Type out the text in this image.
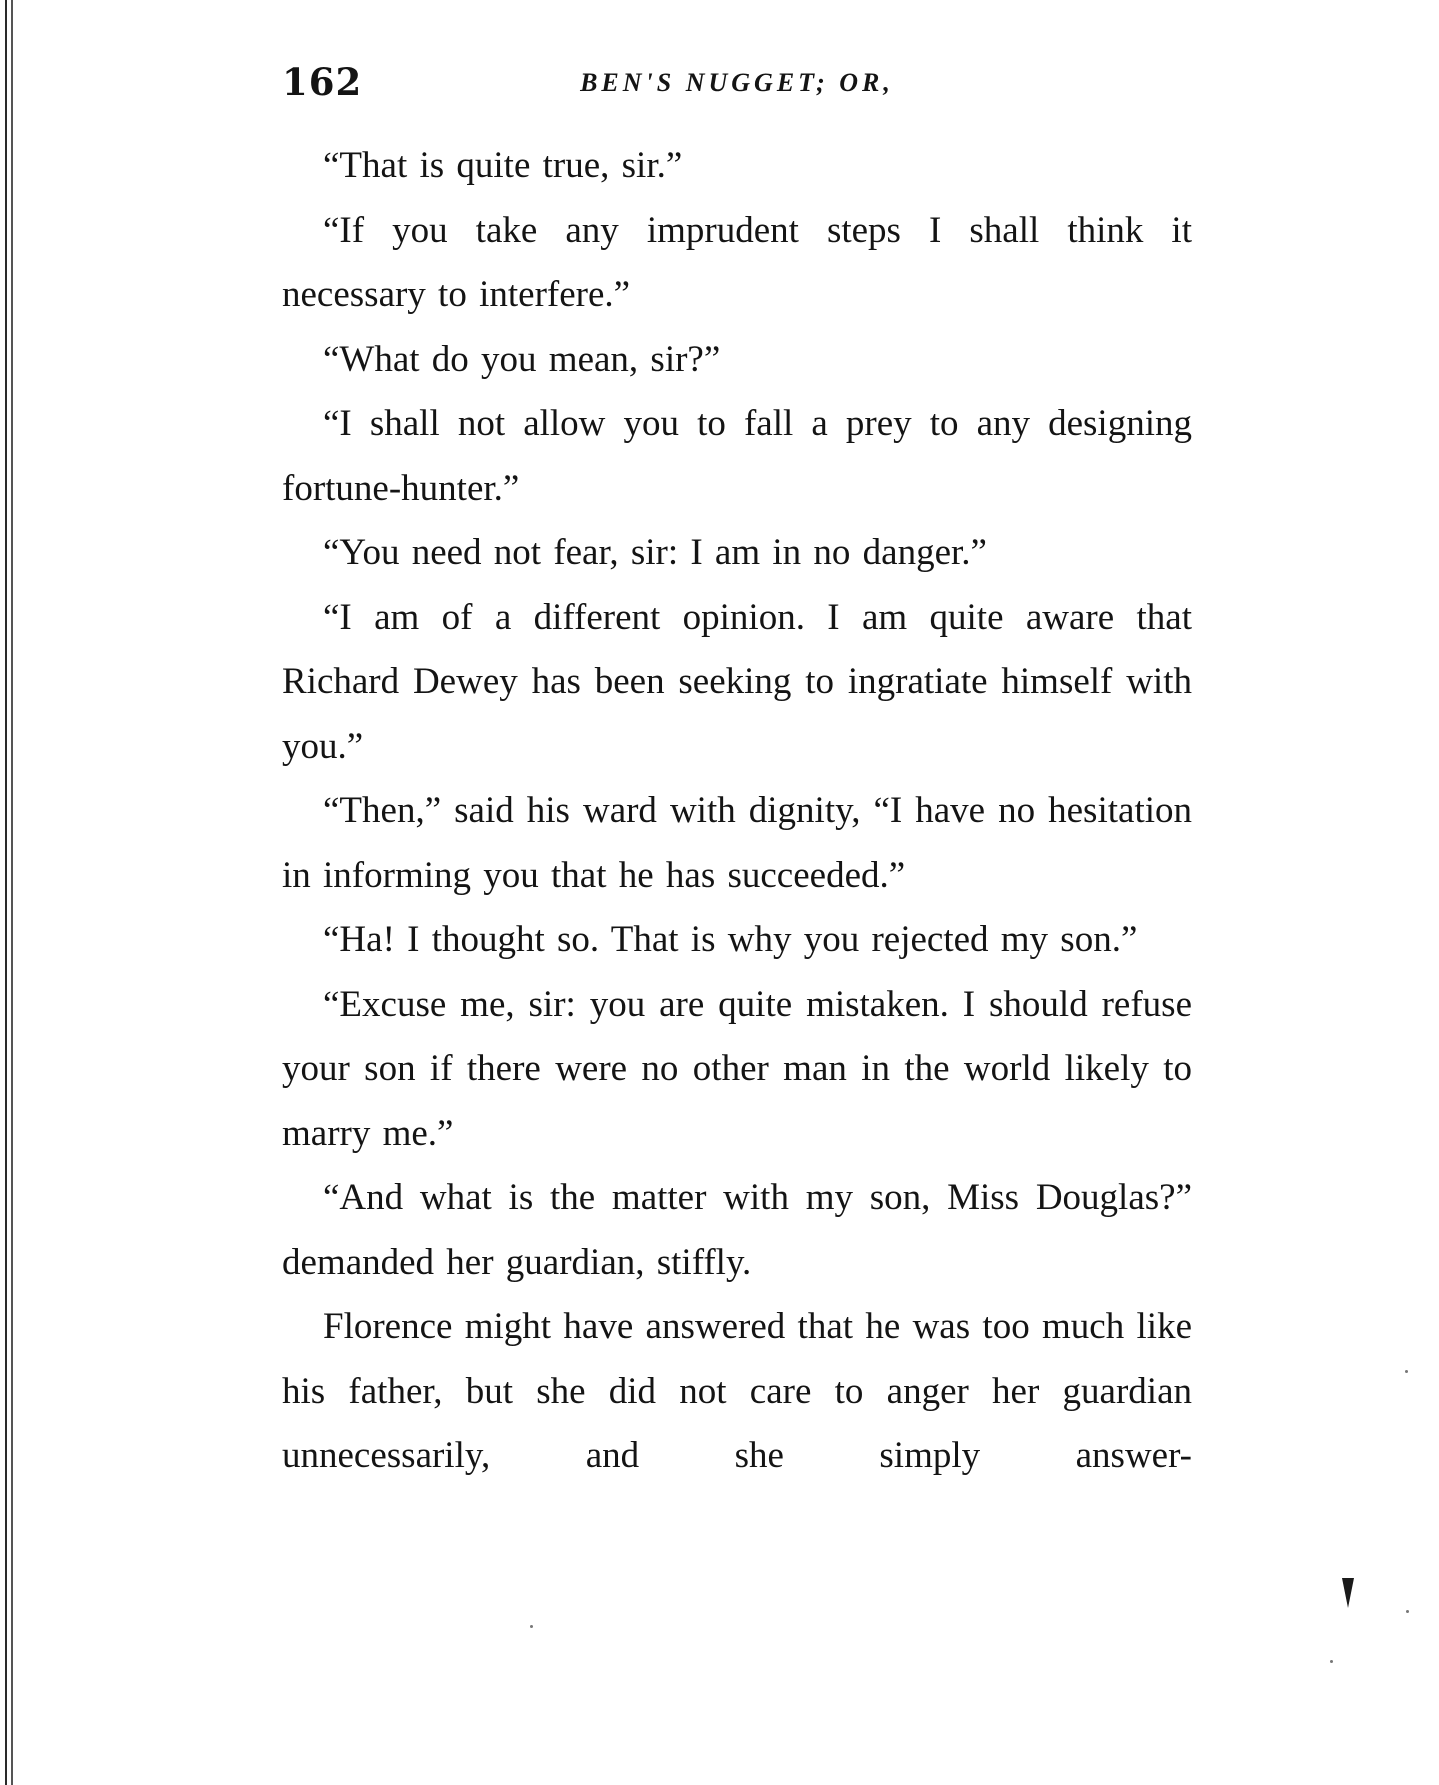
162	BEN'S NUGGET; OR,

“That is quite true, sir.”

“If you take any imprudent steps I shall think it necessary to interfere.”

“What do you mean, sir?”

“I shall not allow you to fall a prey to any designing fortune-hunter.”

“You need not fear, sir: I am in no danger.”

“I am of a different opinion. I am quite aware that Richard Dewey has been seeking to ingratiate himself with you.”

“Then,” said his ward with dignity, “I have no hesitation in informing you that he has succeeded.”

“Ha! I thought so. That is why you rejected my son.”

“Excuse me, sir: you are quite mistaken. I should refuse your son if there were no other man in the world likely to marry me.”

“And what is the matter with my son, Miss Douglas?” demanded her guardian, stiffly.

Florence might have answered that he was too much like his father, but she did not care to anger her guardian unnecessarily, and she simply answer-
